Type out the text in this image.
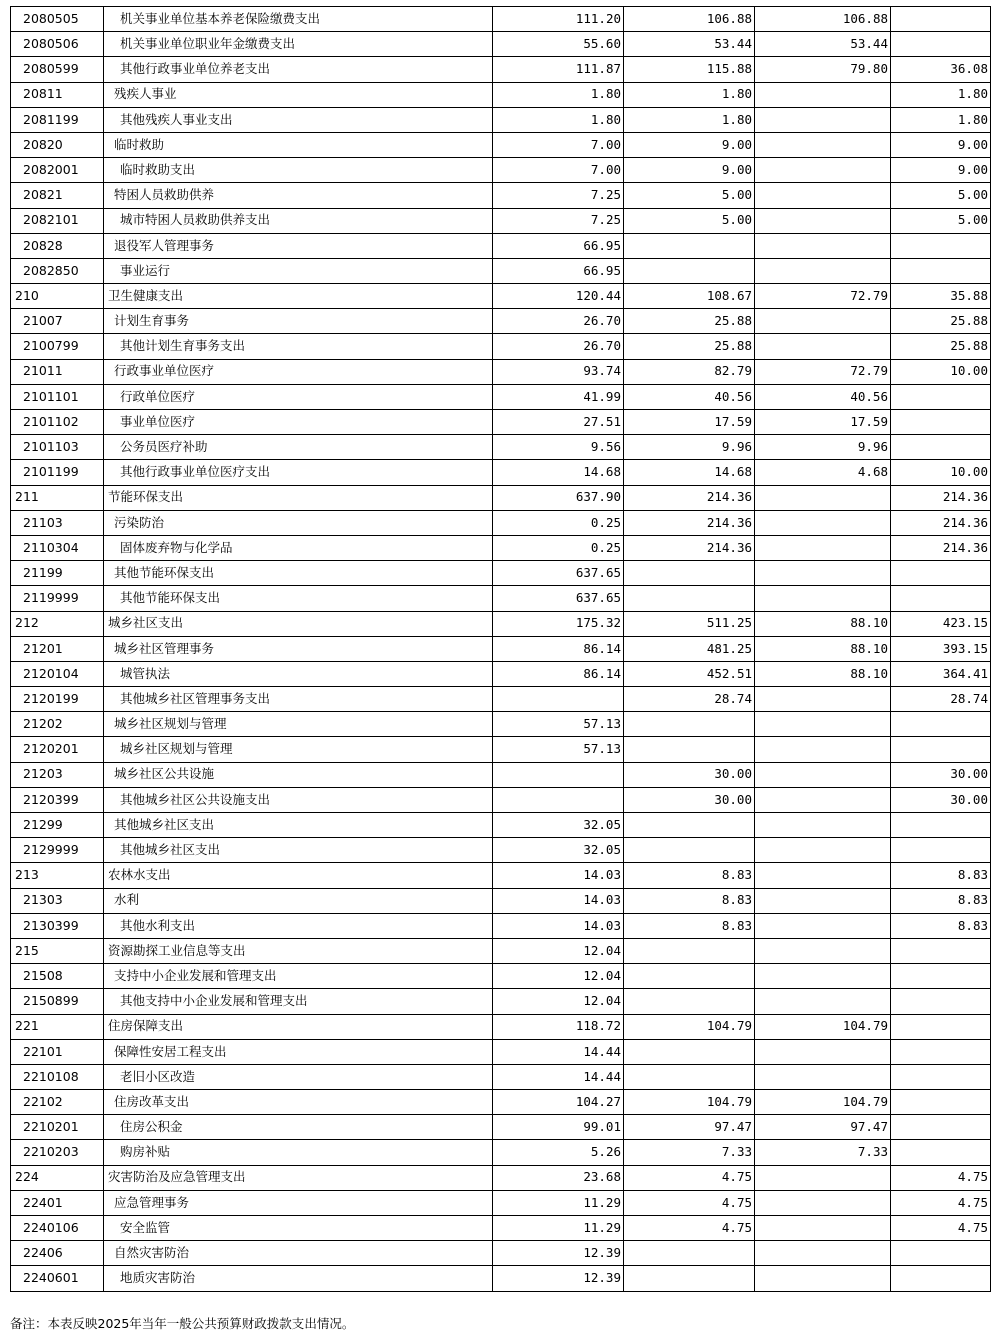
2080505	机关事业单位基本养老保险缴费支出	111.20	106.88	106.88	
2080506	机关事业单位职业年金缴费支出	55.60	53.44	53.44	
2080599	其他行政事业单位养老支出	111.87	115.88	79.80	36.08
20811	残疾人事业	1.80	1.80		1.80
2081199	其他残疾人事业支出	1.80	1.80		1.80
20820	临时救助	7.00	9.00		9.00
2082001	临时救助支出	7.00	9.00		9.00
20821	特困人员救助供养	7.25	5.00		5.00
2082101	城市特困人员救助供养支出	7.25	5.00		5.00
20828	退役军人管理事务	66.95			
2082850	事业运行	66.95			
210	卫生健康支出	120.44	108.67	72.79	35.88
21007	计划生育事务	26.70	25.88		25.88
2100799	其他计划生育事务支出	26.70	25.88		25.88
21011	行政事业单位医疗	93.74	82.79	72.79	10.00
2101101	行政单位医疗	41.99	40.56	40.56	
2101102	事业单位医疗	27.51	17.59	17.59	
2101103	公务员医疗补助	9.56	9.96	9.96	
2101199	其他行政事业单位医疗支出	14.68	14.68	4.68	10.00
211	节能环保支出	637.90	214.36		214.36
21103	污染防治	0.25	214.36		214.36
2110304	固体废弃物与化学品	0.25	214.36		214.36
21199	其他节能环保支出	637.65			
2119999	其他节能环保支出	637.65			
212	城乡社区支出	175.32	511.25	88.10	423.15
21201	城乡社区管理事务	86.14	481.25	88.10	393.15
2120104	城管执法	86.14	452.51	88.10	364.41
2120199	其他城乡社区管理事务支出		28.74		28.74
21202	城乡社区规划与管理	57.13			
2120201	城乡社区规划与管理	57.13			
21203	城乡社区公共设施		30.00		30.00
2120399	其他城乡社区公共设施支出		30.00		30.00
21299	其他城乡社区支出	32.05			
2129999	其他城乡社区支出	32.05			
213	农林水支出	14.03	8.83		8.83
21303	水利	14.03	8.83		8.83
2130399	其他水利支出	14.03	8.83		8.83
215	资源勘探工业信息等支出	12.04			
21508	支持中小企业发展和管理支出	12.04			
2150899	其他支持中小企业发展和管理支出	12.04			
221	住房保障支出	118.72	104.79	104.79	
22101	保障性安居工程支出	14.44			
2210108	老旧小区改造	14.44			
22102	住房改革支出	104.27	104.79	104.79	
2210201	住房公积金	99.01	97.47	97.47	
2210203	购房补贴	5.26	7.33	7.33	
224	灾害防治及应急管理支出	23.68	4.75		4.75
22401	应急管理事务	11.29	4.75		4.75
2240106	安全监管	11.29	4.75		4.75
22406	自然灾害防治	12.39			
2240601	地质灾害防治	12.39			
备注：本表反映2025年当年一般公共预算财政拨款支出情况。
